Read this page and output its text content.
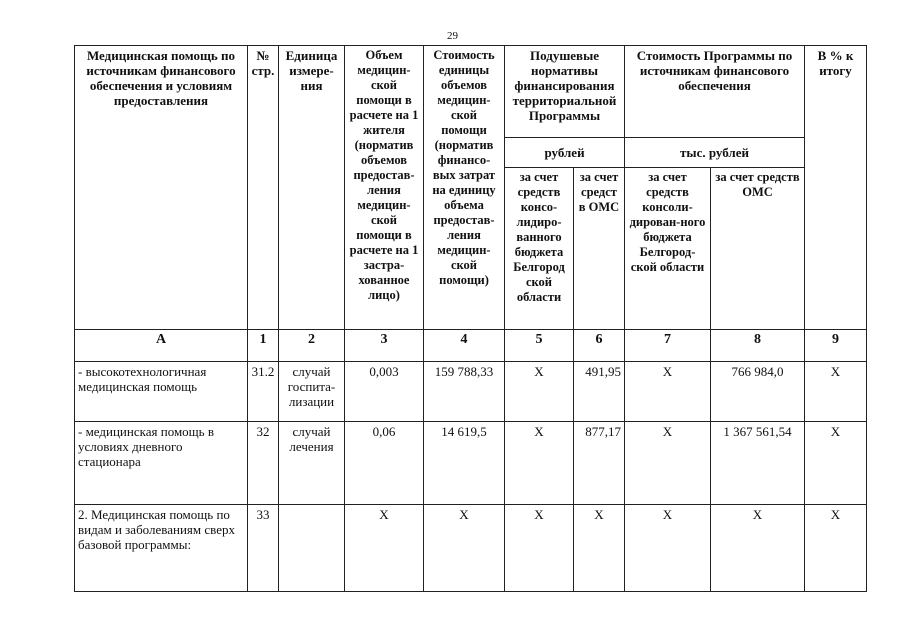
29
Медицинская помощь по источникам финансового обеспечения и условиям предоставления	№ стр.	Единица измере-ния	Объем медицин-ской помощи в расчете на 1 жителя (норматив объемов предостав-ления медицин-ской помощи в расчете на 1 застра-хованное лицо)	Стоимость единицы объемов медицин-ской помощи (норматив финансо-вых затрат на единицу объема предостав-ления медицин-ской помощи)	Подушевые нормативы финансирования территориальной Программы		Стоимость Программы по источникам финансового обеспечения		В % к итогу
					рублей		тыс. рублей		
					за счет средств консо-лидиро-ванного бюджета Белгород ской области	за счет средст в ОМС	за счет средств консоли-дирован-ного бюджета Белгород-ской области	за счет средств ОМС	
А	1	2	3	4	5	6	7	8	9
- высокотехнологичная медицинская помощь	31.2	случай госпита-лизации	0,003	159 788,33	Х	491,95	Х	766 984,0	Х
- медицинская помощь в условиях дневного стационара	32	случай лечения	0,06	14 619,5	Х	877,17	Х	1 367 561,54	Х
2. Медицинская помощь по видам и заболеваниям сверх базовой программы:	33		Х	Х	Х	Х	Х	Х	Х
